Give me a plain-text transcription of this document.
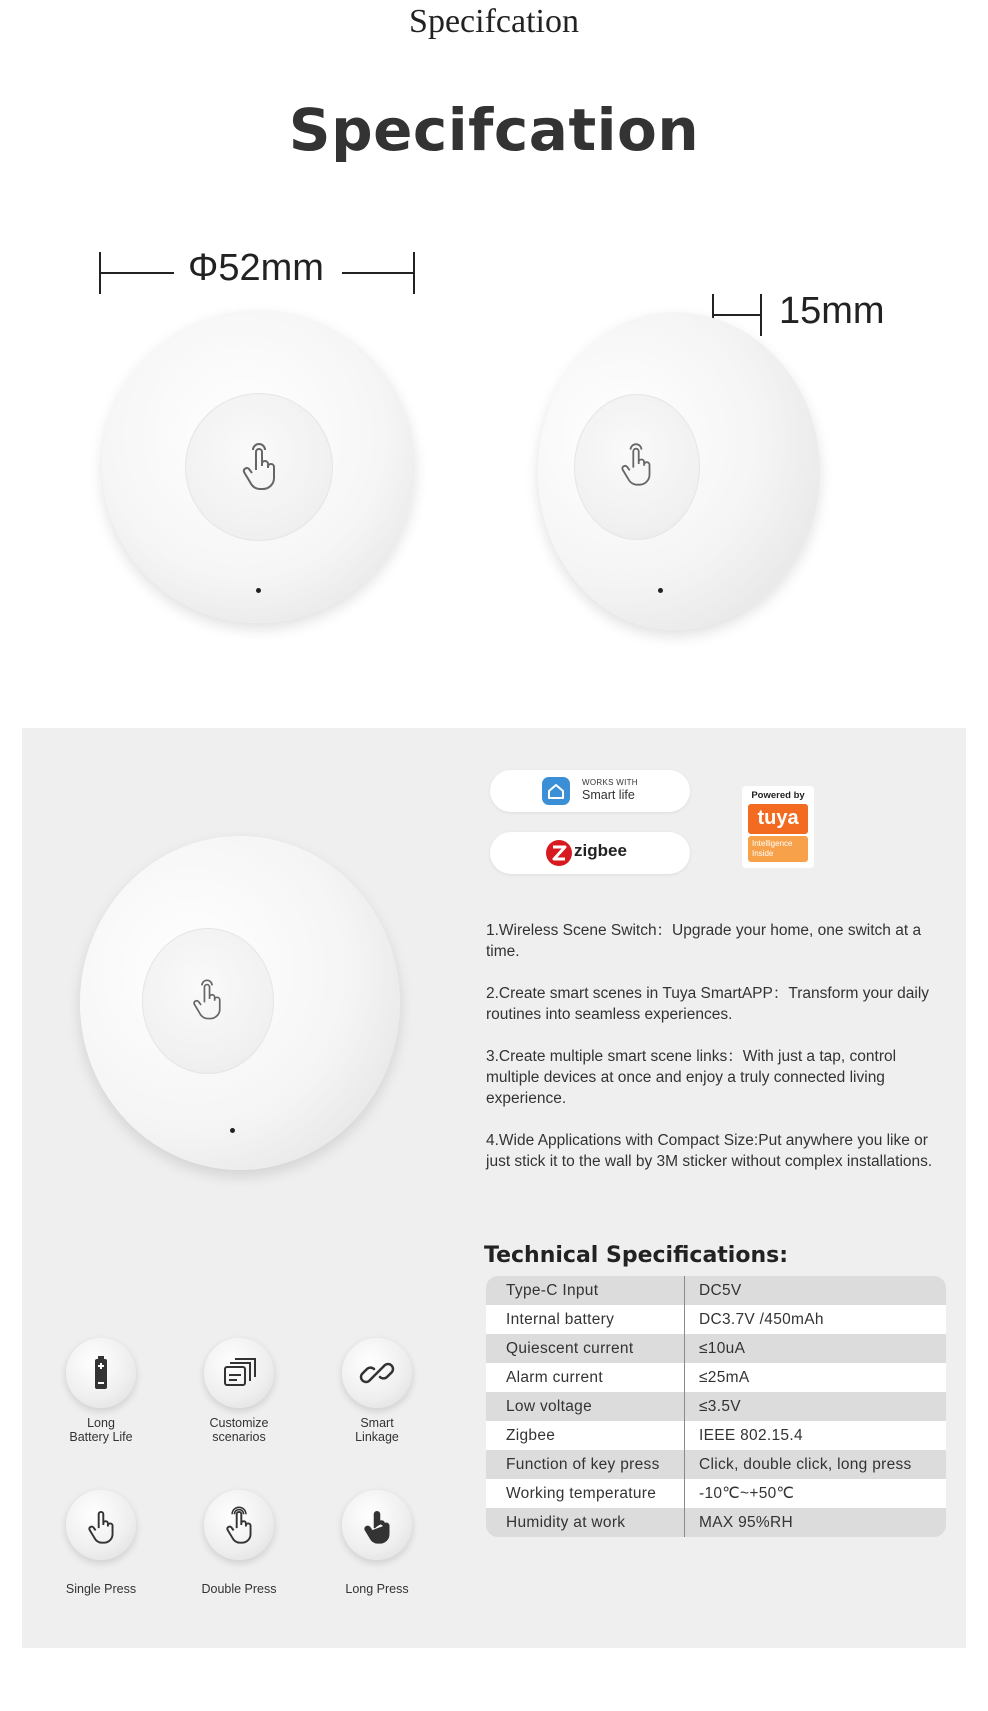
Specifcation
Specifcation
Φ52mm
15mm
WORKS WITH
Smart life
zigbee
Powered by
tuya
Intelligence
Inside
1.Wireless Scene Switch：Upgrade your home, one switch at a time.
2.Create smart scenes in Tuya SmartAPP：Transform your daily routines into seamless experiences.
3.Create multiple smart scene links：With just a tap, control multiple devices at once and enjoy a truly connected living experience.
4.Wide Applications with Compact Size:Put anywhere you like or just stick it to the wall by 3M sticker without complex installations.
Technical Specifications:
Type-C Input	DC5V
Internal battery	DC3.7V /450mAh
Quiescent current	≤10uA
Alarm current	≤25mA
Low voltage	≤3.5V
Zigbee	IEEE 802.15.4
Function of key press	Click, double click, long press
Working temperature	-10℃~+50℃
Humidity at work	MAX 95%RH
Long
Battery Life
Customize
scenarios
Smart
Linkage
Single Press	Double Press	Long Press
